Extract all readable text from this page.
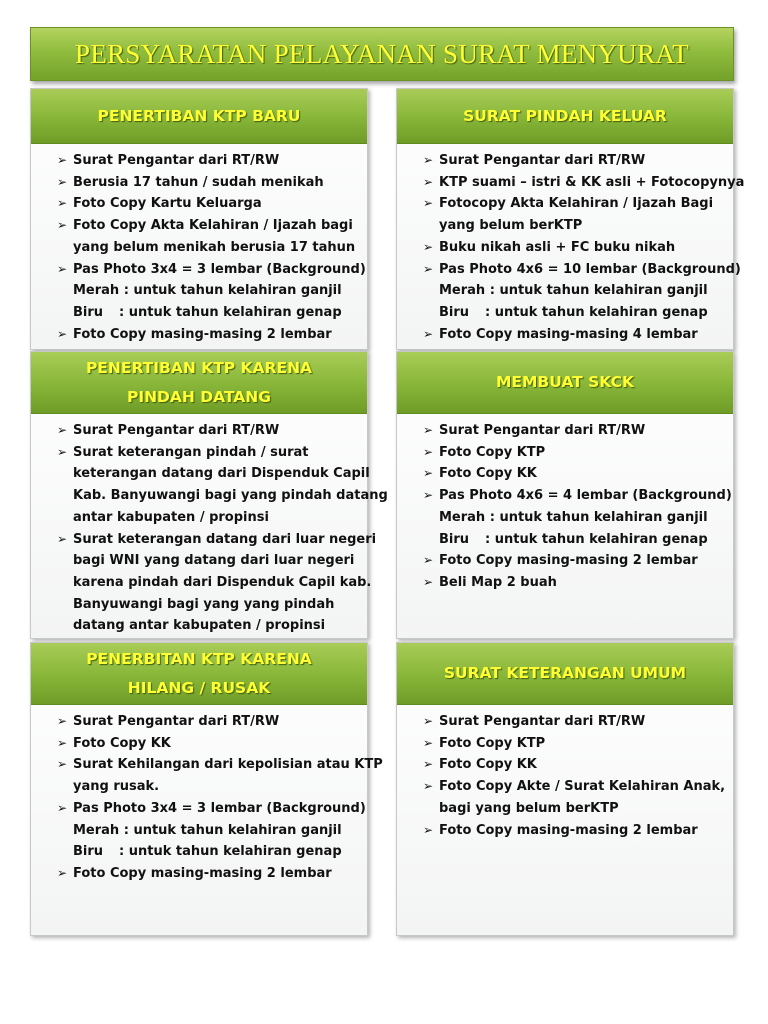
PERSYARATAN PELAYANAN SURAT MENYURAT
PENERTIBAN KTP BARU
➢ Surat Pengantar dari RT/RW
➢ Berusia 17 tahun / sudah menikah
➢ Foto Copy Kartu Keluarga
➢ Foto Copy Akta Kelahiran / Ijazah bagi
yang belum menikah berusia 17 tahun
➢ Pas Photo 3x4 = 3 lembar (Background)
Merah : untuk tahun kelahiran ganjil
Biru : untuk tahun kelahiran genap
➢ Foto Copy masing-masing 2 lembar
SURAT PINDAH KELUAR
➢ Surat Pengantar dari RT/RW
➢ KTP suami – istri & KK asli + Fotocopynya
➢ Fotocopy Akta Kelahiran / Ijazah Bagi
yang belum berKTP
➢ Buku nikah asli + FC buku nikah
➢ Pas Photo 4x6 = 10 lembar (Background)
Merah : untuk tahun kelahiran ganjil
Biru : untuk tahun kelahiran genap
➢ Foto Copy masing-masing 4 lembar
PENERTIBAN KTP KARENA
PINDAH DATANG
➢ Surat Pengantar dari RT/RW
➢ Surat keterangan pindah / surat
keterangan datang dari Dispenduk Capil
Kab. Banyuwangi bagi yang pindah datang
antar kabupaten / propinsi
➢ Surat keterangan datang dari luar negeri
bagi WNI yang datang dari luar negeri
karena pindah dari Dispenduk Capil kab.
Banyuwangi bagi yang yang pindah
datang antar kabupaten / propinsi
MEMBUAT SKCK
➢ Surat Pengantar dari RT/RW
➢ Foto Copy KTP
➢ Foto Copy KK
➢ Pas Photo 4x6 = 4 lembar (Background)
Merah : untuk tahun kelahiran ganjil
Biru : untuk tahun kelahiran genap
➢ Foto Copy masing-masing 2 lembar
➢ Beli Map 2 buah
PENERBITAN KTP KARENA
HILANG / RUSAK
➢ Surat Pengantar dari RT/RW
➢ Foto Copy KK
➢ Surat Kehilangan dari kepolisian atau KTP
yang rusak.
➢ Pas Photo 3x4 = 3 lembar (Background)
Merah : untuk tahun kelahiran ganjil
Biru : untuk tahun kelahiran genap
➢ Foto Copy masing-masing 2 lembar
SURAT KETERANGAN UMUM
➢ Surat Pengantar dari RT/RW
➢ Foto Copy KTP
➢ Foto Copy KK
➢ Foto Copy Akte / Surat Kelahiran Anak,
bagi yang belum berKTP
➢ Foto Copy masing-masing 2 lembar
